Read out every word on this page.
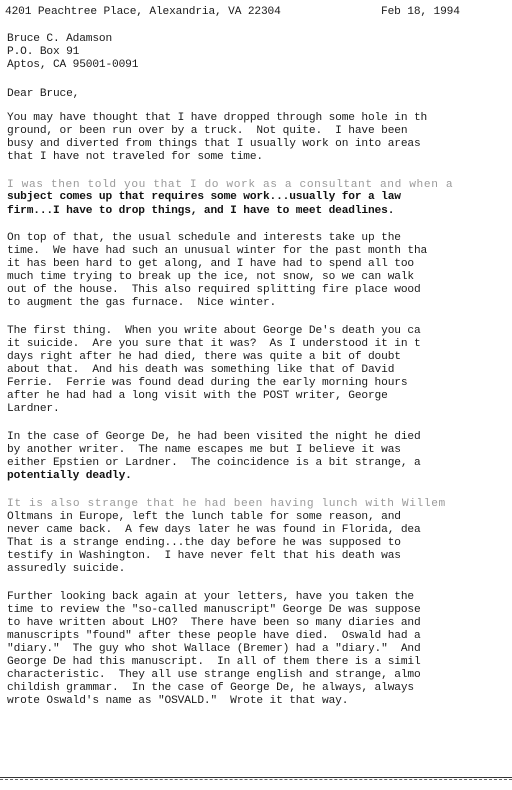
4201 Peachtree Place, Alexandria, VA 22304	Feb 18, 1994
Bruce C. Adamson
P.O. Box 91
Aptos, CA 95001-0091
Dear Bruce,
You may have thought that I have dropped through some hole in th
ground, or been run over by a truck.  Not quite.  I have been
busy and diverted from things that I usually work on into areas
that I have not traveled for some time.
I was then told you that I do work as a consultant and when a
subject comes up that requires some work...usually for a law
firm...I have to drop things, and I have to meet deadlines.
On top of that, the usual schedule and interests take up the
time.  We have had such an unusual winter for the past month tha
it has been hard to get along, and I have had to spend all too
much time trying to break up the ice, not snow, so we can walk
out of the house.  This also required splitting fire place wood
to augment the gas furnace.  Nice winter.
The first thing.  When you write about George De's death you ca
it suicide.  Are you sure that it was?  As I understood it in t
days right after he had died, there was quite a bit of doubt
about that.  And his death was something like that of David
Ferrie.  Ferrie was found dead during the early morning hours
after he had had a long visit with the POST writer, George
Lardner.
In the case of George De, he had been visited the night he died
by another writer.  The name escapes me but I believe it was
either Epstien or Lardner.  The coincidence is a bit strange, a
potentially deadly.
It is also strange that he had been having lunch with Willem
Oltmans in Europe, left the lunch table for some reason, and
never came back.  A few days later he was found in Florida, dea
That is a strange ending...the day before he was supposed to
testify in Washington.  I have never felt that his death was
assuredly suicide.
Further looking back again at your letters, have you taken the
time to review the "so-called manuscript" George De was suppose
to have written about LHO?  There have been so many diaries and
manuscripts "found" after these people have died.  Oswald had a
"diary."  The guy who shot Wallace (Bremer) had a "diary."  And
George De had this manuscript.  In all of them there is a simil
characteristic.  They all use strange english and strange, almo
childish grammar.  In the case of George De, he always, always
wrote Oswald's name as "OSVALD."  Wrote it that way.
